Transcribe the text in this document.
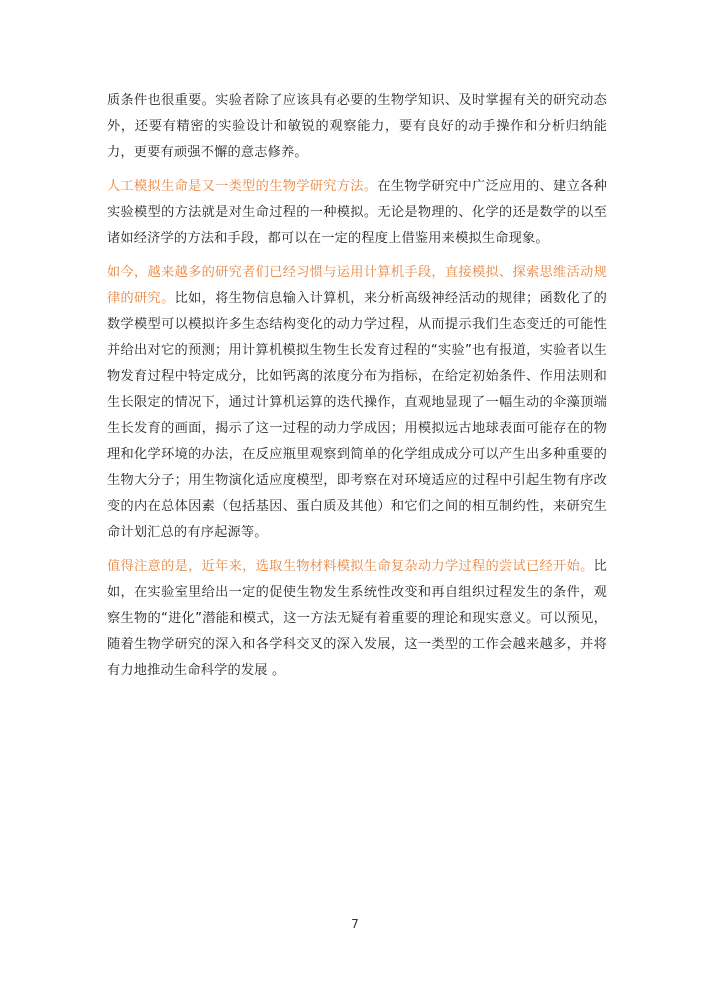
质条件也很重要。实验者除了应该具有必要的生物学知识、及时掌握有关的研究动态外，还要有精密的实验设计和敏锐的观察能力，要有良好的动手操作和分析归纳能力，更要有顽强不懈的意志修养。

人工模拟生命是又一类型的生物学研究方法。在生物学研究中广泛应用的、建立各种实验模型的方法就是对生命过程的一种模拟。无论是物理的、化学的还是数学的以至诸如经济学的方法和手段，都可以在一定的程度上借鉴用来模拟生命现象。

如今，越来越多的研究者们已经习惯与运用计算机手段，直接模拟、探索思维活动规律的研究。比如，将生物信息输入计算机，来分析高级神经活动的规律；函数化了的数学模型可以模拟许多生态结构变化的动力学过程，从而提示我们生态变迁的可能性并给出对它的预测；用计算机模拟生物生长发育过程的“实验”也有报道，实验者以生物发育过程中特定成分，比如钙离的浓度分布为指标，在给定初始条件、作用法则和生长限定的情况下，通过计算机运算的迭代操作，直观地显现了一幅生动的伞藻顶端生长发育的画面，揭示了这一过程的动力学成因；用模拟远古地球表面可能存在的物理和化学环境的办法，在反应瓶里观察到简单的化学组成成分可以产生出多种重要的生物大分子；用生物演化适应度模型，即考察在对环境适应的过程中引起生物有序改变的内在总体因素（包括基因、蛋白质及其他）和它们之间的相互制约性，来研究生命计划汇总的有序起源等。

值得注意的是，近年来，选取生物材料模拟生命复杂动力学过程的尝试已经开始。比如，在实验室里给出一定的促使生物发生系统性改变和再自组织过程发生的条件，观察生物的“进化”潜能和模式，这一方法无疑有着重要的理论和现实意义。可以预见，随着生物学研究的深入和各学科交叉的深入发展，这一类型的工作会越来越多，并将有力地推动生命科学的发展 。

7
